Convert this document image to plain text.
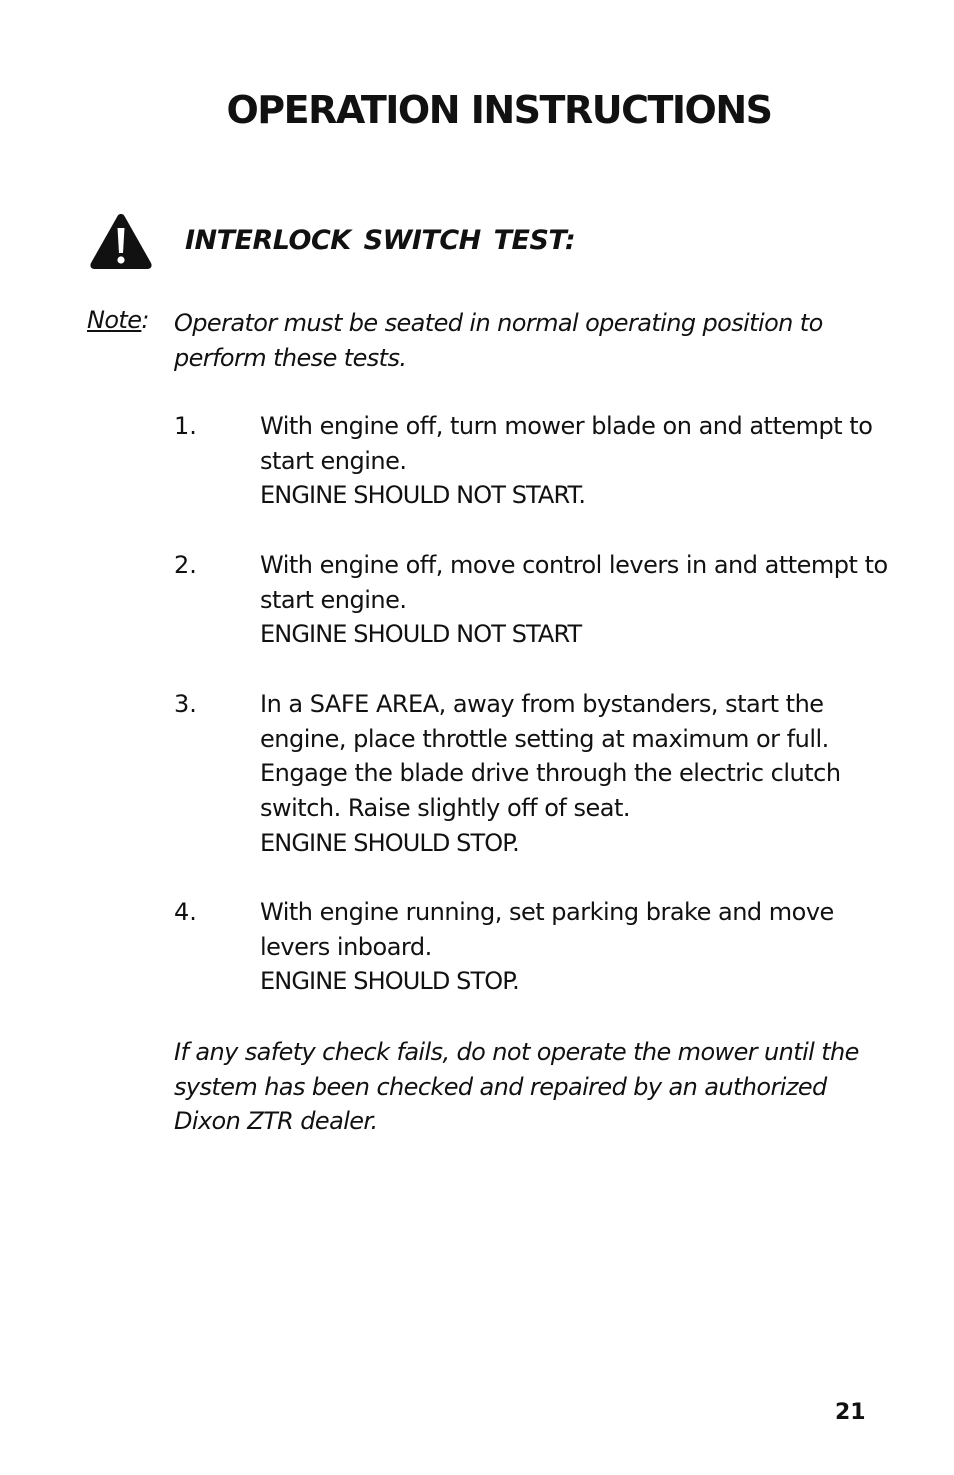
OPERATION INSTRUCTIONS
INTERLOCK SWITCH TEST:
Note: Operator must be seated in normal operating position to perform these tests.
1.	With engine off, turn mower blade on and attempt to start engine.
ENGINE SHOULD NOT START.
2.	With engine off, move control levers in and attempt to start engine.
ENGINE SHOULD NOT START
3.	In a SAFE AREA, away from bystanders, start the engine, place throttle setting at maximum or full. Engage the blade drive through the electric clutch switch. Raise slightly off of seat.
ENGINE SHOULD STOP.
4.	With engine running, set parking brake and move levers inboard.
ENGINE SHOULD STOP.
If any safety check fails, do not operate the mower until the system has been checked and repaired by an authorized Dixon ZTR dealer.
21
